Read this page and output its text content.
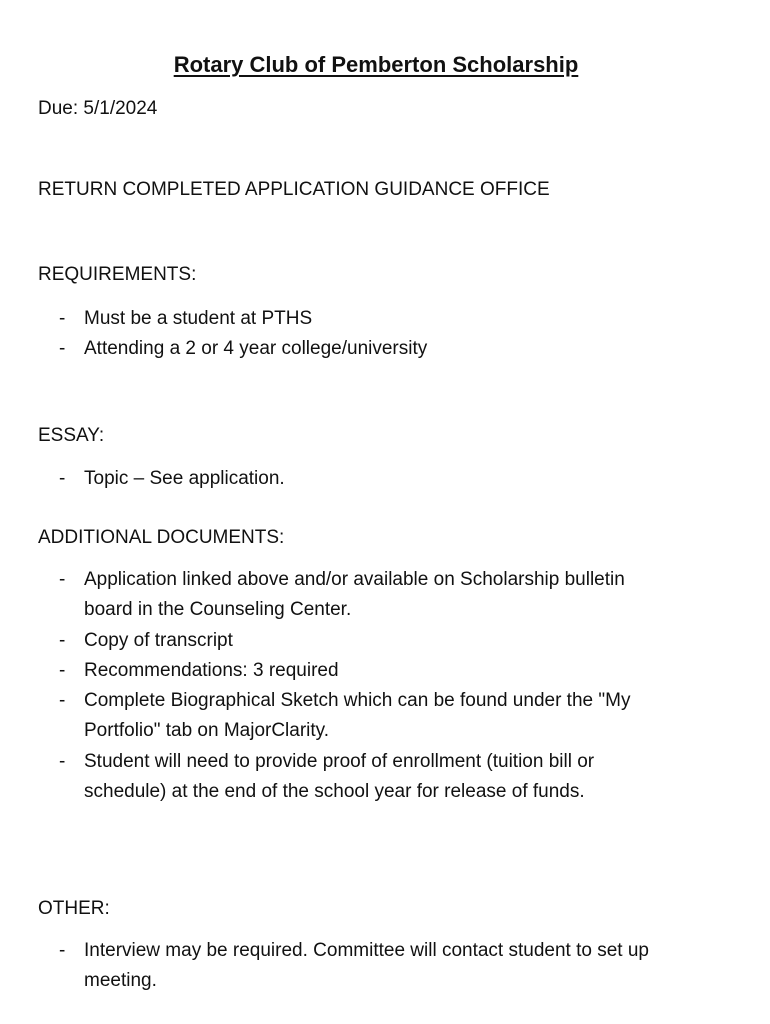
Rotary Club of Pemberton Scholarship

Due: 5/1/2024

RETURN COMPLETED APPLICATION GUIDANCE OFFICE

REQUIREMENTS:

- Must be a student at PTHS
- Attending a 2 or 4 year college/university

ESSAY:

- Topic – See application.

ADDITIONAL DOCUMENTS:

- Application linked above and/or available on Scholarship bulletin board in the Counseling Center.
- Copy of transcript
- Recommendations: 3 required
- Complete Biographical Sketch which can be found under the "My Portfolio" tab on MajorClarity.
- Student will need to provide proof of enrollment (tuition bill or schedule) at the end of the school year for release of funds.

OTHER:

- Interview may be required. Committee will contact student to set up meeting.
